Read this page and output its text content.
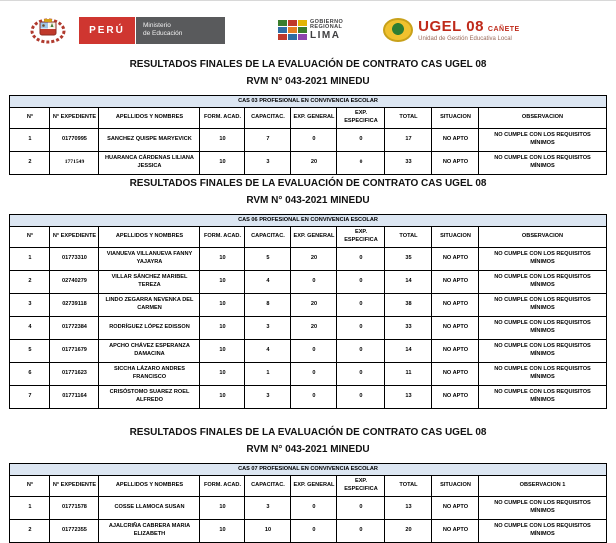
PERÚ	Ministerio
de Educación
GOBIERNO
REGIONAL
LIMA	UGEL 08 CAÑETE
Unidad de Gestión Educativa Local
RESULTADOS FINALES DE LA EVALUACIÓN DE CONTRATO CAS UGEL 08
RVM N° 043-2021 MINEDU
CAS 03 PROFESIONAL EN CONVIVENCIA ESCOLAR									
N°	N° EXPEDIENTE	APELLIDOS Y NOMBRES	FORM. ACAD.	CAPACITAC.	EXP. GENERAL	EXP. ESPECIFICA	TOTAL	SITUACION	OBSERVACION
1	01770995	SANCHEZ QUISPE MARYEVICK	10	7	0	0	17	NO APTO	NO CUMPLE CON LOS REQUISITOS MÍNIMOS
2	1771549	HUARANCA CÁRDENAS LILIANA JESSICA	10	3	20	0	33	NO APTO	NO CUMPLE CON LOS REQUISITOS MÍNIMOS
RESULTADOS FINALES DE LA EVALUACIÓN DE CONTRATO CAS UGEL 08
RVM N° 043-2021 MINEDU
CAS 06 PROFESIONAL EN CONVIVENCIA ESCOLAR									
N°	N° EXPEDIENTE	APELLIDOS Y NOMBRES	FORM. ACAD.	CAPACITAC.	EXP. GENERAL	EXP. ESPECIFICA	TOTAL	SITUACION	OBSERVACION
1	01773310	VIANUEVA VILLANUEVA FANNY YAJAYRA	10	5	20	0	35	NO APTO	NO CUMPLE CON LOS REQUISITOS MÍNIMOS
2	02740279	VILLAR SÁNCHEZ MARIBEL TEREZA	10	4	0	0	14	NO APTO	NO CUMPLE CON LOS REQUISITOS MÍNIMOS
3	02739118	LINDO ZEGARRA NEVENKA DEL CARMEN	10	8	20	0	38	NO APTO	NO CUMPLE CON LOS REQUISITOS MÍNIMOS
4	01772384	RODRÍGUEZ LÓPEZ EDISSON	10	3	20	0	33	NO APTO	NO CUMPLE CON LOS REQUISITOS MÍNIMOS
5	01771679	APCHO CHÁVEZ ESPERANZA DAMACINA	10	4	0	0	14	NO APTO	NO CUMPLE CON LOS REQUISITOS MÍNIMOS
6	01771623	SICCHA LÁZARO ANDRES FRANCISCO	10	1	0	0	11	NO APTO	NO CUMPLE CON LOS REQUISITOS MÍNIMOS
7	01771164	CRISÓSTOMO SUAREZ ROEL ALFREDO	10	3	0	0	13	NO APTO	NO CUMPLE CON LOS REQUISITOS MÍNIMOS
RESULTADOS FINALES DE LA EVALUACIÓN DE CONTRATO CAS UGEL 08
RVM N° 043-2021 MINEDU
CAS 07 PROFESIONAL EN CONVIVENCIA ESCOLAR									
N°	N° EXPEDIENTE	APELLIDOS Y NOMBRES	FORM. ACAD.	CAPACITAC.	EXP. GENERAL	EXP. ESPECIFICA	TOTAL	SITUACION	OBSERVACION 1
1	01771578	COSSE LLAMOCA SUSAN	10	3	0	0	13	NO APTO	NO CUMPLE CON LOS REQUISITOS MÍNIMOS
2	01772355	AJALCRIÑA CABRERA MARIA ELIZABETH	10	10	0	0	20	NO APTO	NO CUMPLE CON LOS REQUISITOS MÍNIMOS
